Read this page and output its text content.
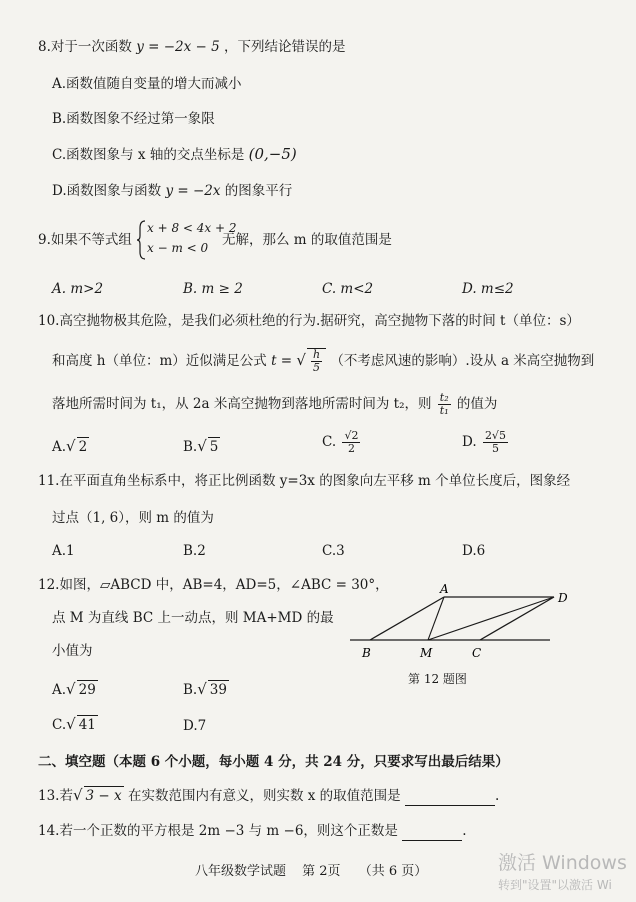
8.对于一次函数 y = −2x − 5 ，下列结论错误的是
A.函数值随自变量的增大而减小
B.函数图象不经过第一象限
C.函数图象与 x 轴的交点坐标是 (0,−5)
D.函数图象与函数 y = −2x 的图象平行
9.如果不等式组
x + 8 < 4x + 2
x − m < 0 无解，那么 m 的取值范围是
A. m>2	B. m ≥ 2	C. m<2	D. m≤2
10.高空抛物极其危险，是我们必须杜绝的行为.据研究，高空抛物下落的时间 t（单位：s）
和高度 h（单位：m）近似满足公式 t = √ $\frac{h}{5}$ （不考虑风速的影响）.设从 a 米高空抛物到
落地所需时间为 t₁，从 2a 米高空抛物到落地所需时间为 t₂，则 $\frac{\text{t₂}}{\text{t₁}}$ 的值为
A.√ 2	B.√ 5	C. $\frac{√2}{2}$	D. $\frac{2√5}{5}$
11.在平面直角坐标系中，将正比例函数 y=3x 的图象向左平移 m 个单位长度后，图象经
过点（1, 6），则 m 的值为
A.1	B.2	C.3	D.6
12.如图，▱ABCD 中，AB=4，AD=5，∠ABC = 30°，
点 M 为直线 BC 上一动点，则 MA+MD 的最
小值为
A
D
B	M	C
第 12 题图
A.√ 29	B.√ 39
C.√ 41	D.7
二、填空题（本题 6 个小题，每小题 4 分，共 24 分，只要求写出最后结果）
13.若√ 3 − x 在实数范围内有意义，则实数 x 的取值范围是	.
14.若一个正数的平方根是 2m −3 与 m −6，则这个正数是	.
八年级数学试题 第 2页 （共 6 页）	激活 Windows
转到"设置"以激活 Wi
